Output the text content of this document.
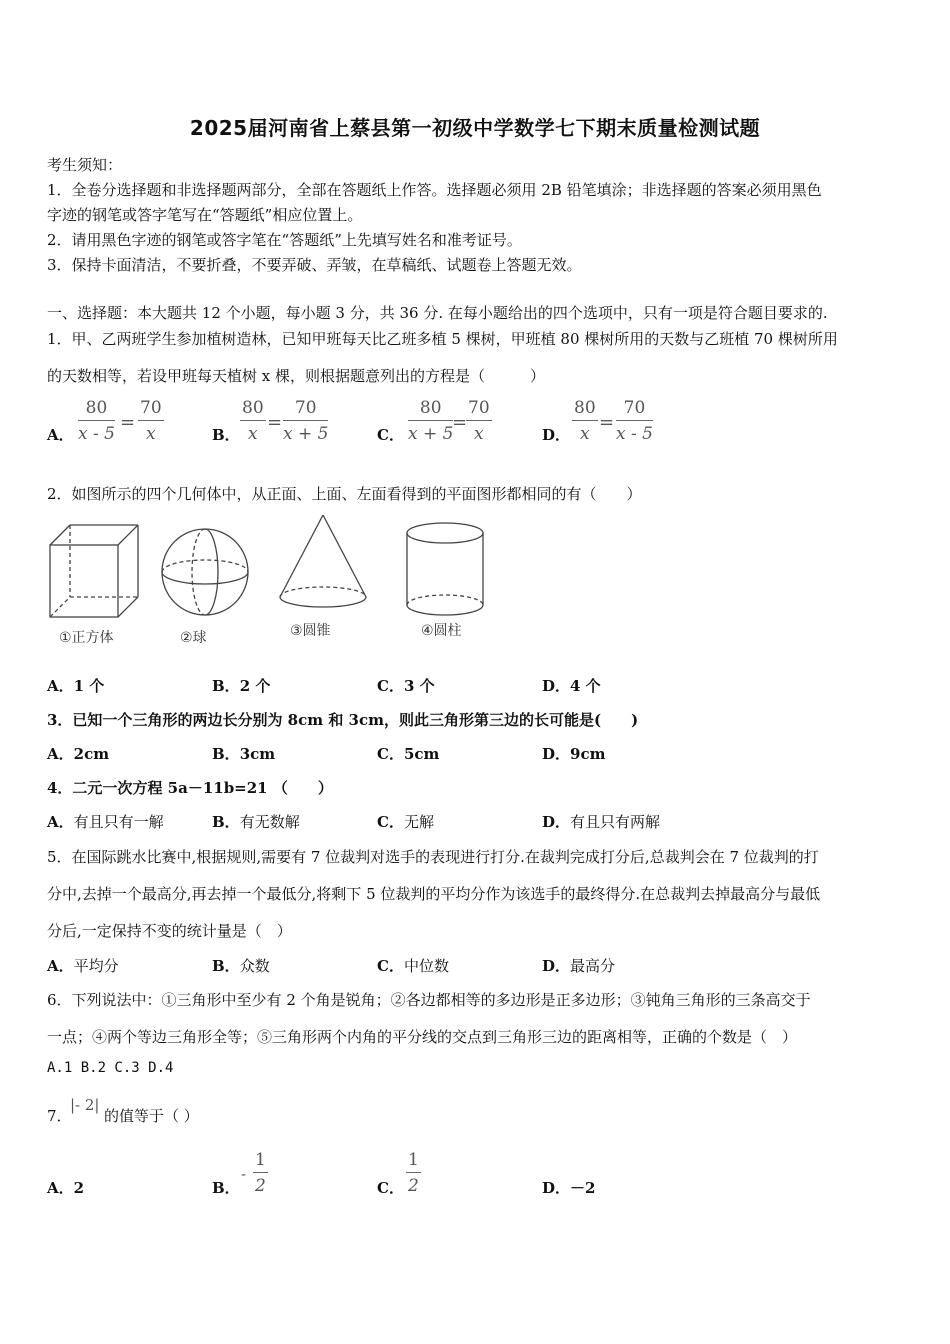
2025届河南省上蔡县第一初级中学数学七下期末质量检测试题
考生须知：
1．全卷分选择题和非选择题两部分，全部在答题纸上作答。选择题必须用 2B 铅笔填涂；非选择题的答案必须用黑色
字迹的钢笔或答字笔写在“答题纸”相应位置上。
2．请用黑色字迹的钢笔或答字笔在“答题纸”上先填写姓名和准考证号。
3．保持卡面清洁，不要折叠，不要弄破、弄皱，在草稿纸、试题卷上答题无效。
一、选择题：本大题共 12 个小题，每小题 3 分，共 36 分. 在每小题给出的四个选项中，只有一项是符合题目要求的.
1．甲、乙两班学生参加植树造林，已知甲班每天比乙班多植 5 棵树，甲班植 80 棵树所用的天数与乙班植 70 棵树所用
的天数相等，若设甲班每天植树 x 棵，则根据题意列出的方程是（　　　）
A．
80
x - 5
=
70
x	B．
80
x
=
70
x + 5	C．
80
x + 5
=
70
x	D．
80
x
=
70
x - 5
2．如图所示的四个几何体中，从正面、上面、左面看得到的平面图形都相同的有（　　）
①正方体	②球	③圆锥	④圆柱
A．1 个	B．2 个	C．3 个	D．4 个
3．已知一个三角形的两边长分别为 8cm 和 3cm，则此三角形第三边的长可能是(　　)
A．2cm	B．3cm	C．5cm	D．9cm
4．二元一次方程 5a－11b=21 （　　）
A．有且只有一解	B．有无数解	C．无解	D．有且只有两解
5．在国际跳水比赛中,根据规则,需要有 7 位裁判对选手的表现进行打分.在裁判完成打分后,总裁判会在 7 位裁判的打
分中,去掉一个最高分,再去掉一个最低分,将剩下 5 位裁判的平均分作为该选手的最终得分.在总裁判去掉最高分与最低
分后,一定保持不变的统计量是（　）
A．平均分	B．众数	C．中位数	D．最高分
6．下列说法中：①三角形中至少有 2 个角是锐角；②各边都相等的多边形是正多边形；③钝角三角形的三条高交于
一点；④两个等边三角形全等；⑤三角形两个内角的平分线的交点到三角形三边的距离相等，正确的个数是（　）
A.1 B.2 C.3 D.4
7．
|- 2|
的值等于（ ）
A．2	B．
-
1
2	C．
1
2	D．－2
